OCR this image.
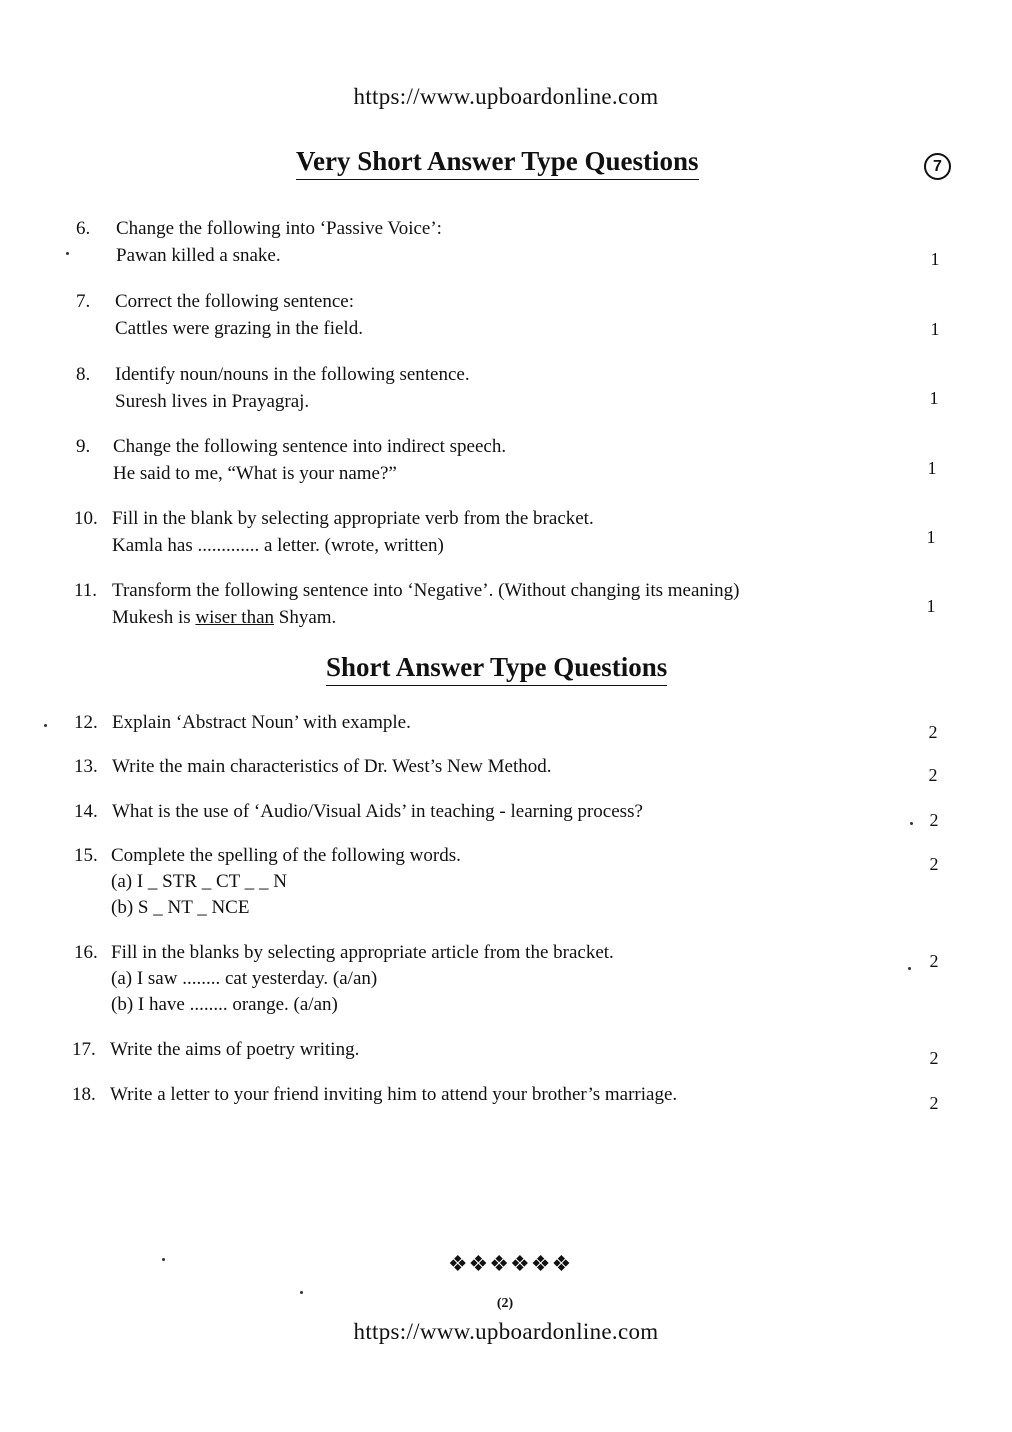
https://www.upboardonline.com
Very Short Answer Type Questions	7
6. Change the following into ‘Passive Voice’:
Pawan killed a snake.	1
7. Correct the following sentence:
Cattles were grazing in the field.	1
8. Identify noun/nouns in the following sentence.
Suresh lives in Prayagraj.	1
9. Change the following sentence into indirect speech.
He said to me, “What is your name?”	1
10. Fill in the blank by selecting appropriate verb from the bracket.
Kamla has ............. a letter. (wrote, written)	1
11. Transform the following sentence into ‘Negative’. (Without changing its meaning)
Mukesh is wiser than Shyam.
1
Short Answer Type Questions
12. Explain ‘Abstract Noun’ with example.	2
13. Write the main characteristics of Dr. West’s New Method.	2
14. What is the use of ‘Audio/Visual Aids’ in teaching - learning process?	2
15. Complete the spelling of the following words.
(a) I _ STR _ CT _ _ N
(b) S _ NT _ NCE
2
16. Fill in the blanks by selecting appropriate article from the bracket.
(a) I saw ........ cat yesterday. (a/an)
(b) I have ........ orange. (a/an)
2
17. Write the aims of poetry writing.	2
18. Write a letter to your friend inviting him to attend your brother’s marriage.	2
❖❖❖❖❖❖
(2)
https://www.upboardonline.com
